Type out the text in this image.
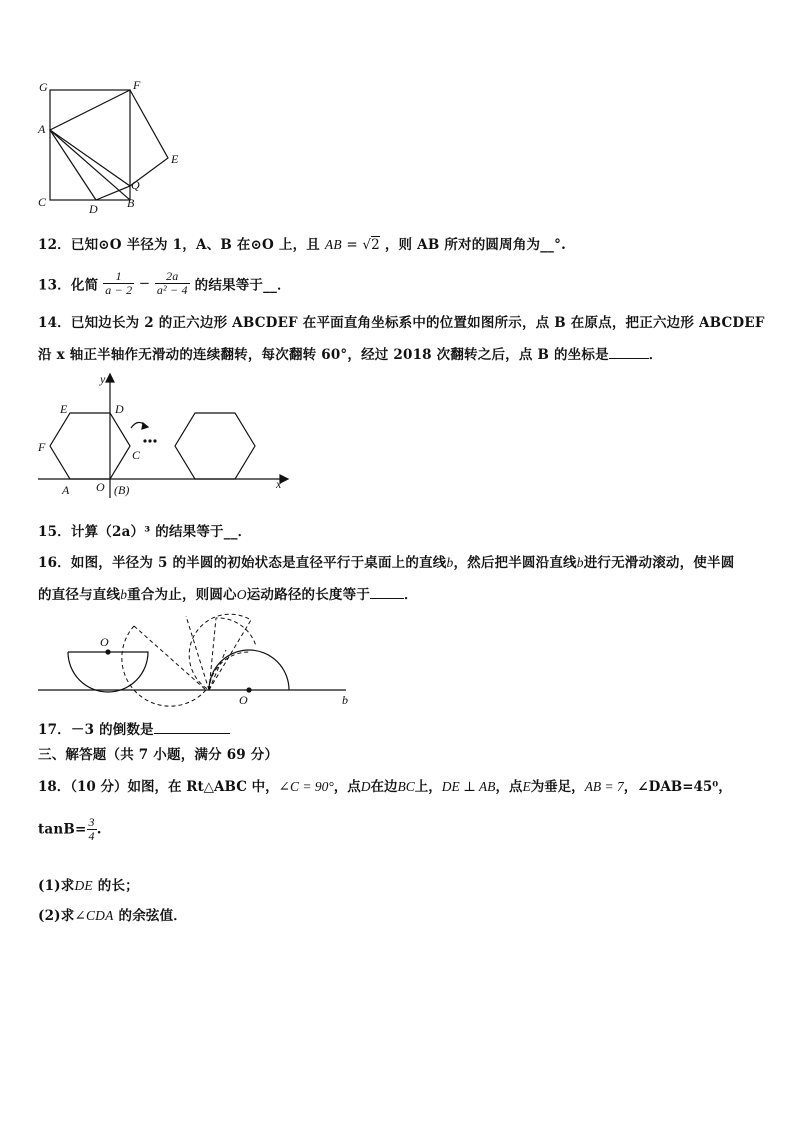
G	F
A
E
Q
C	D B
12．已知⊙O 半径为 1，A、B 在⊙O 上，且 AB = √2 ，则 AB 所对的圆周角为__°.
13．化简 $\frac{1}{a - 2} - \frac{2a}{\text{a² − 4}}$ 的结果等于__．
14．已知边长为 2 的正六边形 ABCDEF 在平面直角坐标系中的位置如图所示，点 B 在原点，把正六边形 ABCDEF
沿 x 轴正半轴作无滑动的连续翻转，每次翻转 60°，经过 2018 次翻转之后，点 B 的坐标是	．
y
x
E	D
F
C
A O (B)
15．计算（2a）³ 的结果等于__．
16．如图，半径为 5 的半圆的初始状态是直径平行于桌面上的直线b，然后把半圆沿直线b进行无滑动滚动，使半圆
的直径与直线b重合为止，则圆心O运动路径的长度等于	．
O
O	b
17．－3 的倒数是
三、解答题（共 7 小题，满分 69 分）
18．（10 分）如图，在 Rt△ABC 中，∠C = 90°，点D在边BC上，DE ⊥ AB，点E为垂足，AB = 7，∠DAB=45⁰，
$\tan B= \frac{3}{4}$ .
(1)求DE 的长；
(2)求∠CDA 的余弦值．
